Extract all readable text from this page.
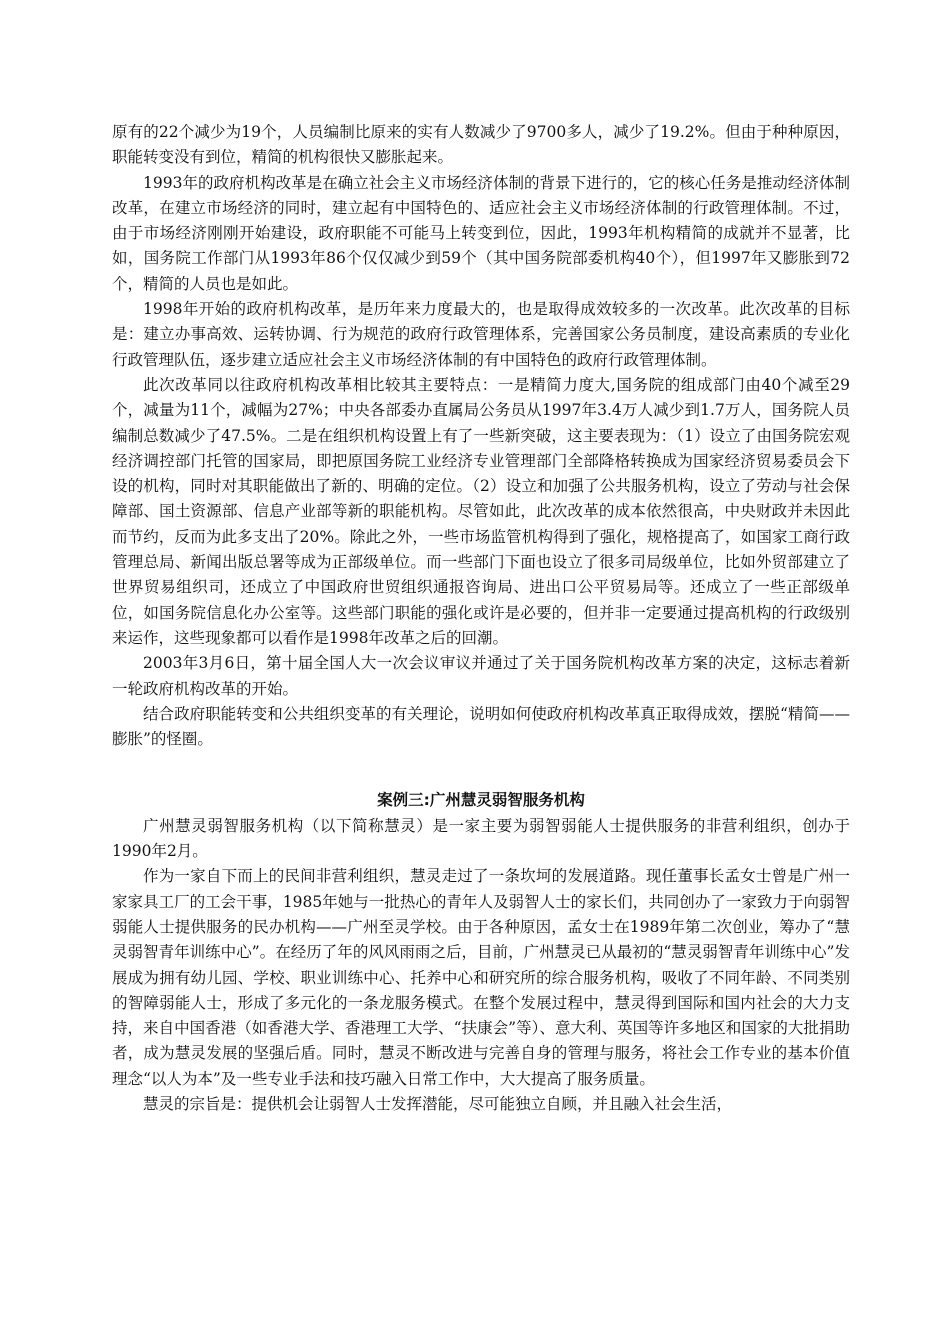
原有的22个减少为19个，人员编制比原来的实有人数减少了9700多人，减少了19.2%。但由于种种原因，职能转变没有到位，精简的机构很快又膨胀起来。

1993年的政府机构改革是在确立社会主义市场经济体制的背景下进行的，它的核心任务是推动经济体制改革，在建立市场经济的同时，建立起有中国特色的、适应社会主义市场经济体制的行政管理体制。不过，由于市场经济刚刚开始建设，政府职能不可能马上转变到位，因此，1993年机构精简的成就并不显著，比如，国务院工作部门从1993年86个仅仅减少到59个（其中国务院部委机构40个），但1997年又膨胀到72个，精简的人员也是如此。

1998年开始的政府机构改革，是历年来力度最大的，也是取得成效较多的一次改革。此次改革的目标是：建立办事高效、运转协调、行为规范的政府行政管理体系，完善国家公务员制度，建设高素质的专业化行政管理队伍，逐步建立适应社会主义市场经济体制的有中国特色的政府行政管理体制。

此次改革同以往政府机构改革相比较其主要特点：一是精简力度大,国务院的组成部门由40个减至29个，减量为11个，减幅为27%；中央各部委办直属局公务员从1997年3.4万人减少到1.7万人，国务院人员编制总数减少了47.5%。二是在组织机构设置上有了一些新突破，这主要表现为：（1）设立了由国务院宏观经济调控部门托管的国家局，即把原国务院工业经济专业管理部门全部降格转换成为国家经济贸易委员会下设的机构，同时对其职能做出了新的、明确的定位。（2）设立和加强了公共服务机构，设立了劳动与社会保障部、国土资源部、信息产业部等新的职能机构。尽管如此，此次改革的成本依然很高，中央财政并未因此而节约，反而为此多支出了20%。除此之外，一些市场监管机构得到了强化，规格提高了，如国家工商行政管理总局、新闻出版总署等成为正部级单位。而一些部门下面也设立了很多司局级单位，比如外贸部建立了世界贸易组织司，还成立了中国政府世贸组织通报咨询局、进出口公平贸易局等。还成立了一些正部级单位，如国务院信息化办公室等。这些部门职能的强化或许是必要的，但并非一定要通过提高机构的行政级别来运作，这些现象都可以看作是1998年改革之后的回潮。

2003年3月6日，第十届全国人大一次会议审议并通过了关于国务院机构改革方案的决定，这标志着新一轮政府机构改革的开始。

结合政府职能转变和公共组织变革的有关理论，说明如何使政府机构改革真正取得成效，摆脱“精简——膨胀”的怪圈。

案例三:广州慧灵弱智服务机构

广州慧灵弱智服务机构（以下简称慧灵）是一家主要为弱智弱能人士提供服务的非营利组织，创办于1990年2月。

作为一家自下而上的民间非营利组织，慧灵走过了一条坎坷的发展道路。现任董事长孟女士曾是广州一家家具工厂的工会干事，1985年她与一批热心的青年人及弱智人士的家长们，共同创办了一家致力于向弱智弱能人士提供服务的民办机构——广州至灵学校。由于各种原因，孟女士在1989年第二次创业，筹办了“慧灵弱智青年训练中心”。在经历了年的风风雨雨之后，目前，广州慧灵已从最初的“慧灵弱智青年训练中心”发展成为拥有幼儿园、学校、职业训练中心、托养中心和研究所的综合服务机构，吸收了不同年龄、不同类别的智障弱能人士，形成了多元化的一条龙服务模式。在整个发展过程中，慧灵得到国际和国内社会的大力支持，来自中国香港（如香港大学、香港理工大学、“扶康会”等）、意大利、英国等许多地区和国家的大批捐助者，成为慧灵发展的坚强后盾。同时，慧灵不断改进与完善自身的管理与服务，将社会工作专业的基本价值理念“以人为本”及一些专业手法和技巧融入日常工作中，大大提高了服务质量。

慧灵的宗旨是：提供机会让弱智人士发挥潜能，尽可能独立自顾，并且融入社会生活，
